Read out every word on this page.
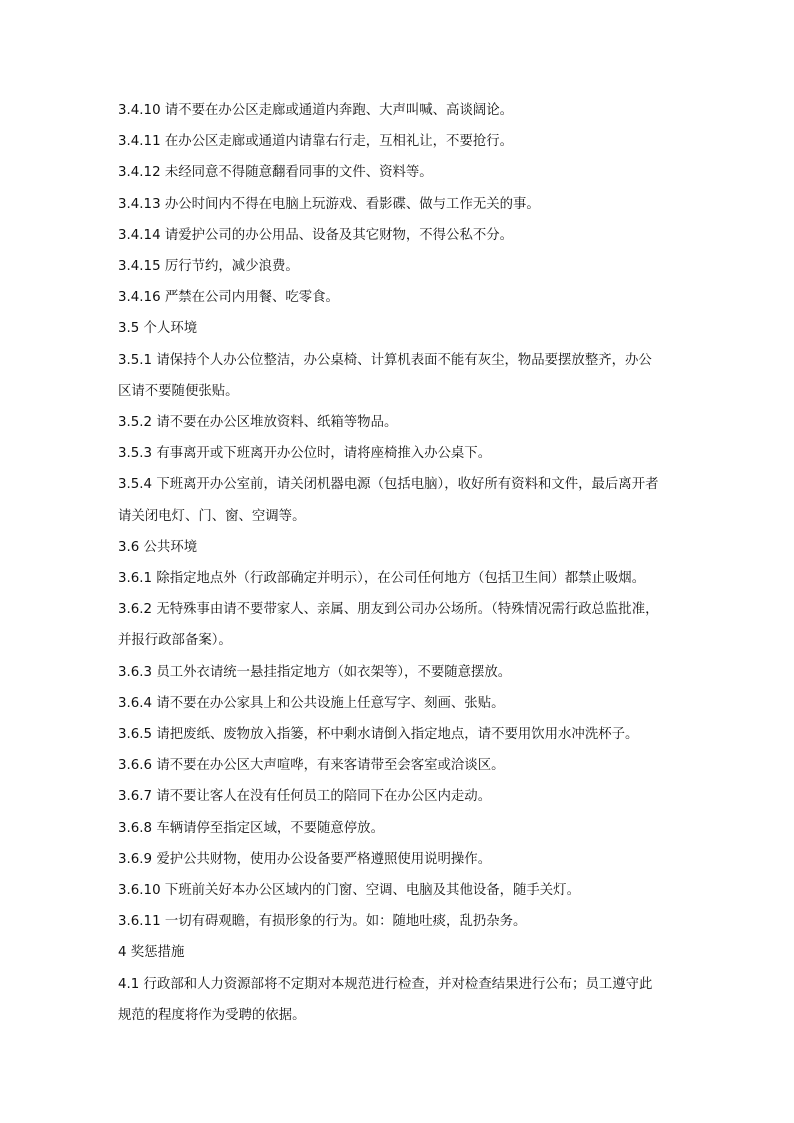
3.4.10 请不要在办公区走廊或通道内奔跑、大声叫喊、高谈阔论。
3.4.11 在办公区走廊或通道内请靠右行走，互相礼让，不要抢行。
3.4.12 未经同意不得随意翻看同事的文件、资料等。
3.4.13 办公时间内不得在电脑上玩游戏、看影碟、做与工作无关的事。
3.4.14 请爱护公司的办公用品、设备及其它财物，不得公私不分。
3.4.15 厉行节约，减少浪费。
3.4.16 严禁在公司内用餐、吃零食。
3.5 个人环境
3.5.1 请保持个人办公位整洁，办公桌椅、计算机表面不能有灰尘，物品要摆放整齐，办公
区请不要随便张贴。
3.5.2 请不要在办公区堆放资料、纸箱等物品。
3.5.3 有事离开或下班离开办公位时，请将座椅推入办公桌下。
3.5.4 下班离开办公室前，请关闭机器电源（包括电脑），收好所有资料和文件，最后离开者
请关闭电灯、门、窗、空调等。
3.6 公共环境
3.6.1 除指定地点外（行政部确定并明示），在公司任何地方（包括卫生间）都禁止吸烟。
3.6.2 无特殊事由请不要带家人、亲属、朋友到公司办公场所。（特殊情况需行政总监批准，
并报行政部备案）。
3.6.3 员工外衣请统一悬挂指定地方（如衣架等），不要随意摆放。
3.6.4 请不要在办公家具上和公共设施上任意写字、刻画、张贴。
3.6.5 请把废纸、废物放入指篓，杯中剩水请倒入指定地点，请不要用饮用水冲洗杯子。
3.6.6 请不要在办公区大声喧哗，有来客请带至会客室或洽谈区。
3.6.7 请不要让客人在没有任何员工的陪同下在办公区内走动。
3.6.8 车辆请停至指定区域，不要随意停放。
3.6.9 爱护公共财物，使用办公设备要严格遵照使用说明操作。
3.6.10 下班前关好本办公区域内的门窗、空调、电脑及其他设备，随手关灯。
3.6.11 一切有碍观瞻，有损形象的行为。如：随地吐痰，乱扔杂务。
4 奖惩措施
4.1 行政部和人力资源部将不定期对本规范进行检查，并对检查结果进行公布；员工遵守此
规范的程度将作为受聘的依据。
